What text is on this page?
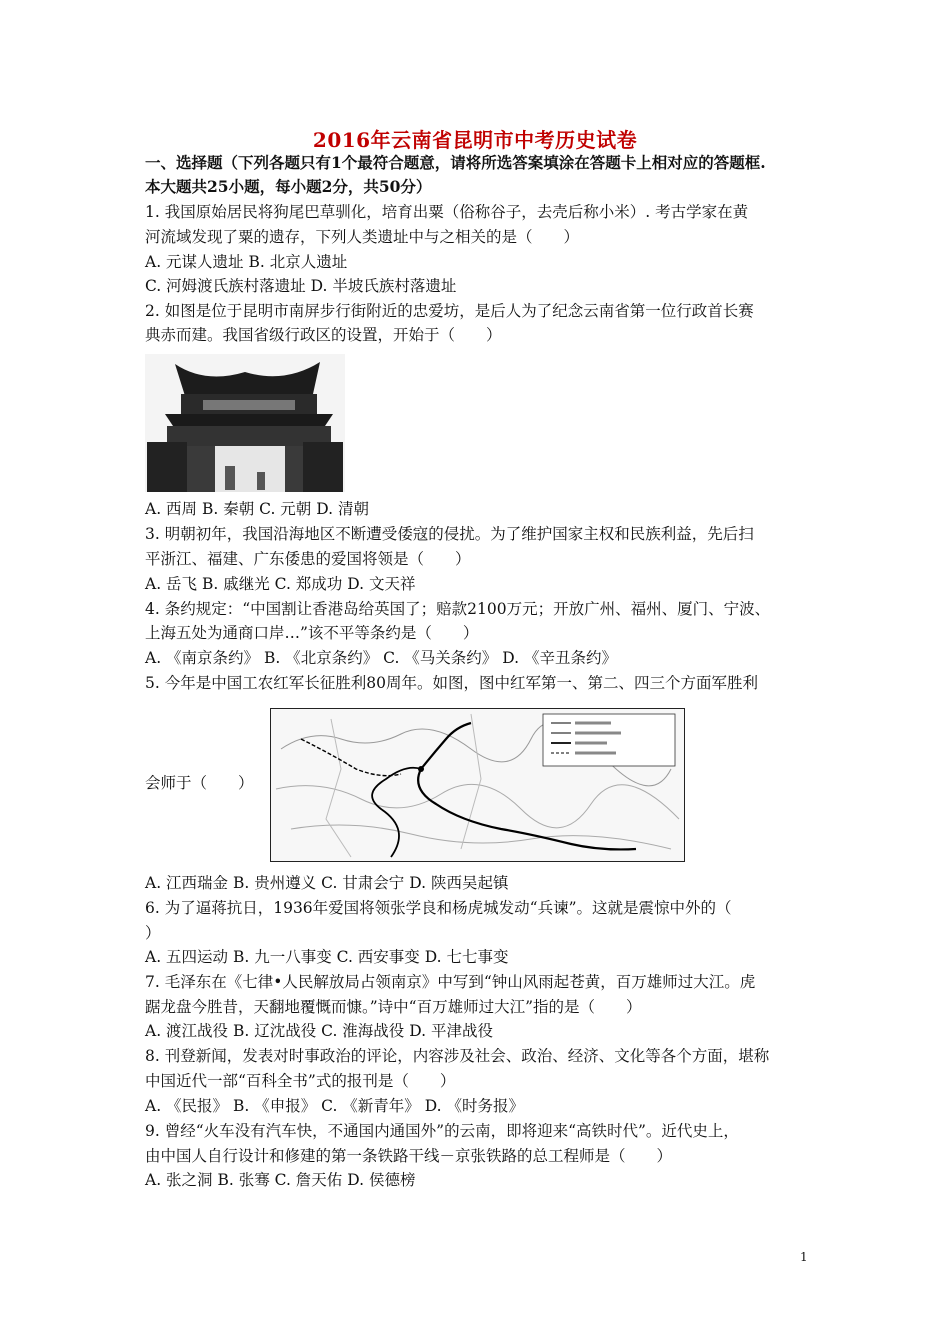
2016年云南省昆明市中考历史试卷
一、选择题（下列各题只有1个最符合题意，请将所选答案填涂在答题卡上相对应的答题框.
本大题共25小题，每小题2分，共50分）
1. 我国原始居民将狗尾巴草驯化，培育出粟（俗称谷子，去壳后称小米）. 考古学家在黄
河流域发现了粟的遗存，下列人类遗址中与之相关的是（　　）
A. 元谋人遗址 B. 北京人遗址
C. 河姆渡氏族村落遗址 D. 半坡氏族村落遗址
2. 如图是位于昆明市南屏步行街附近的忠爱坊，是后人为了纪念云南省第一位行政首长赛
典赤而建。我国省级行政区的设置，开始于（　　）
A. 西周 B. 秦朝 C. 元朝 D. 清朝
3. 明朝初年，我国沿海地区不断遭受倭寇的侵扰。为了维护国家主权和民族利益，先后扫
平浙江、福建、广东倭患的爱国将领是（　　）
A. 岳飞 B. 戚继光 C. 郑成功 D. 文天祥
4. 条约规定：“中国割让香港岛给英国了；赔款2100万元；开放广州、福州、厦门、宁波、
上海五处为通商口岸…”该不平等条约是（　　）
A. 《南京条约》 B. 《北京条约》 C. 《马关条约》 D. 《辛丑条约》
5. 今年是中国工农红军长征胜利80周年。如图，图中红军第一、第二、四三个方面军胜利
会师于（　　）
A. 江西瑞金 B. 贵州遵义 C. 甘肃会宁 D. 陕西吴起镇
6. 为了逼蒋抗日，1936年爱国将领张学良和杨虎城发动“兵谏”。这就是震惊中外的（
）
A. 五四运动 B. 九一八事变 C. 西安事变 D. 七七事变
7. 毛泽东在《七律•人民解放局占领南京》中写到“钟山风雨起苍黄，百万雄师过大江。虎
踞龙盘今胜昔，天翻地覆慨而慷。”诗中“百万雄师过大江”指的是（　　）
A. 渡江战役 B. 辽沈战役 C. 淮海战役 D. 平津战役
8. 刊登新闻，发表对时事政治的评论，内容涉及社会、政治、经济、文化等各个方面，堪称
中国近代一部“百科全书”式的报刊是（　　）
A. 《民报》 B. 《申报》 C. 《新青年》 D. 《时务报》
9. 曾经“火车没有汽车快，不通国内通国外”的云南，即将迎来“高铁时代”。近代史上，
由中国人自行设计和修建的第一条铁路干线－京张铁路的总工程师是（　　）
A. 张之洞 B. 张骞 C. 詹天佑 D. 侯德榜
1
